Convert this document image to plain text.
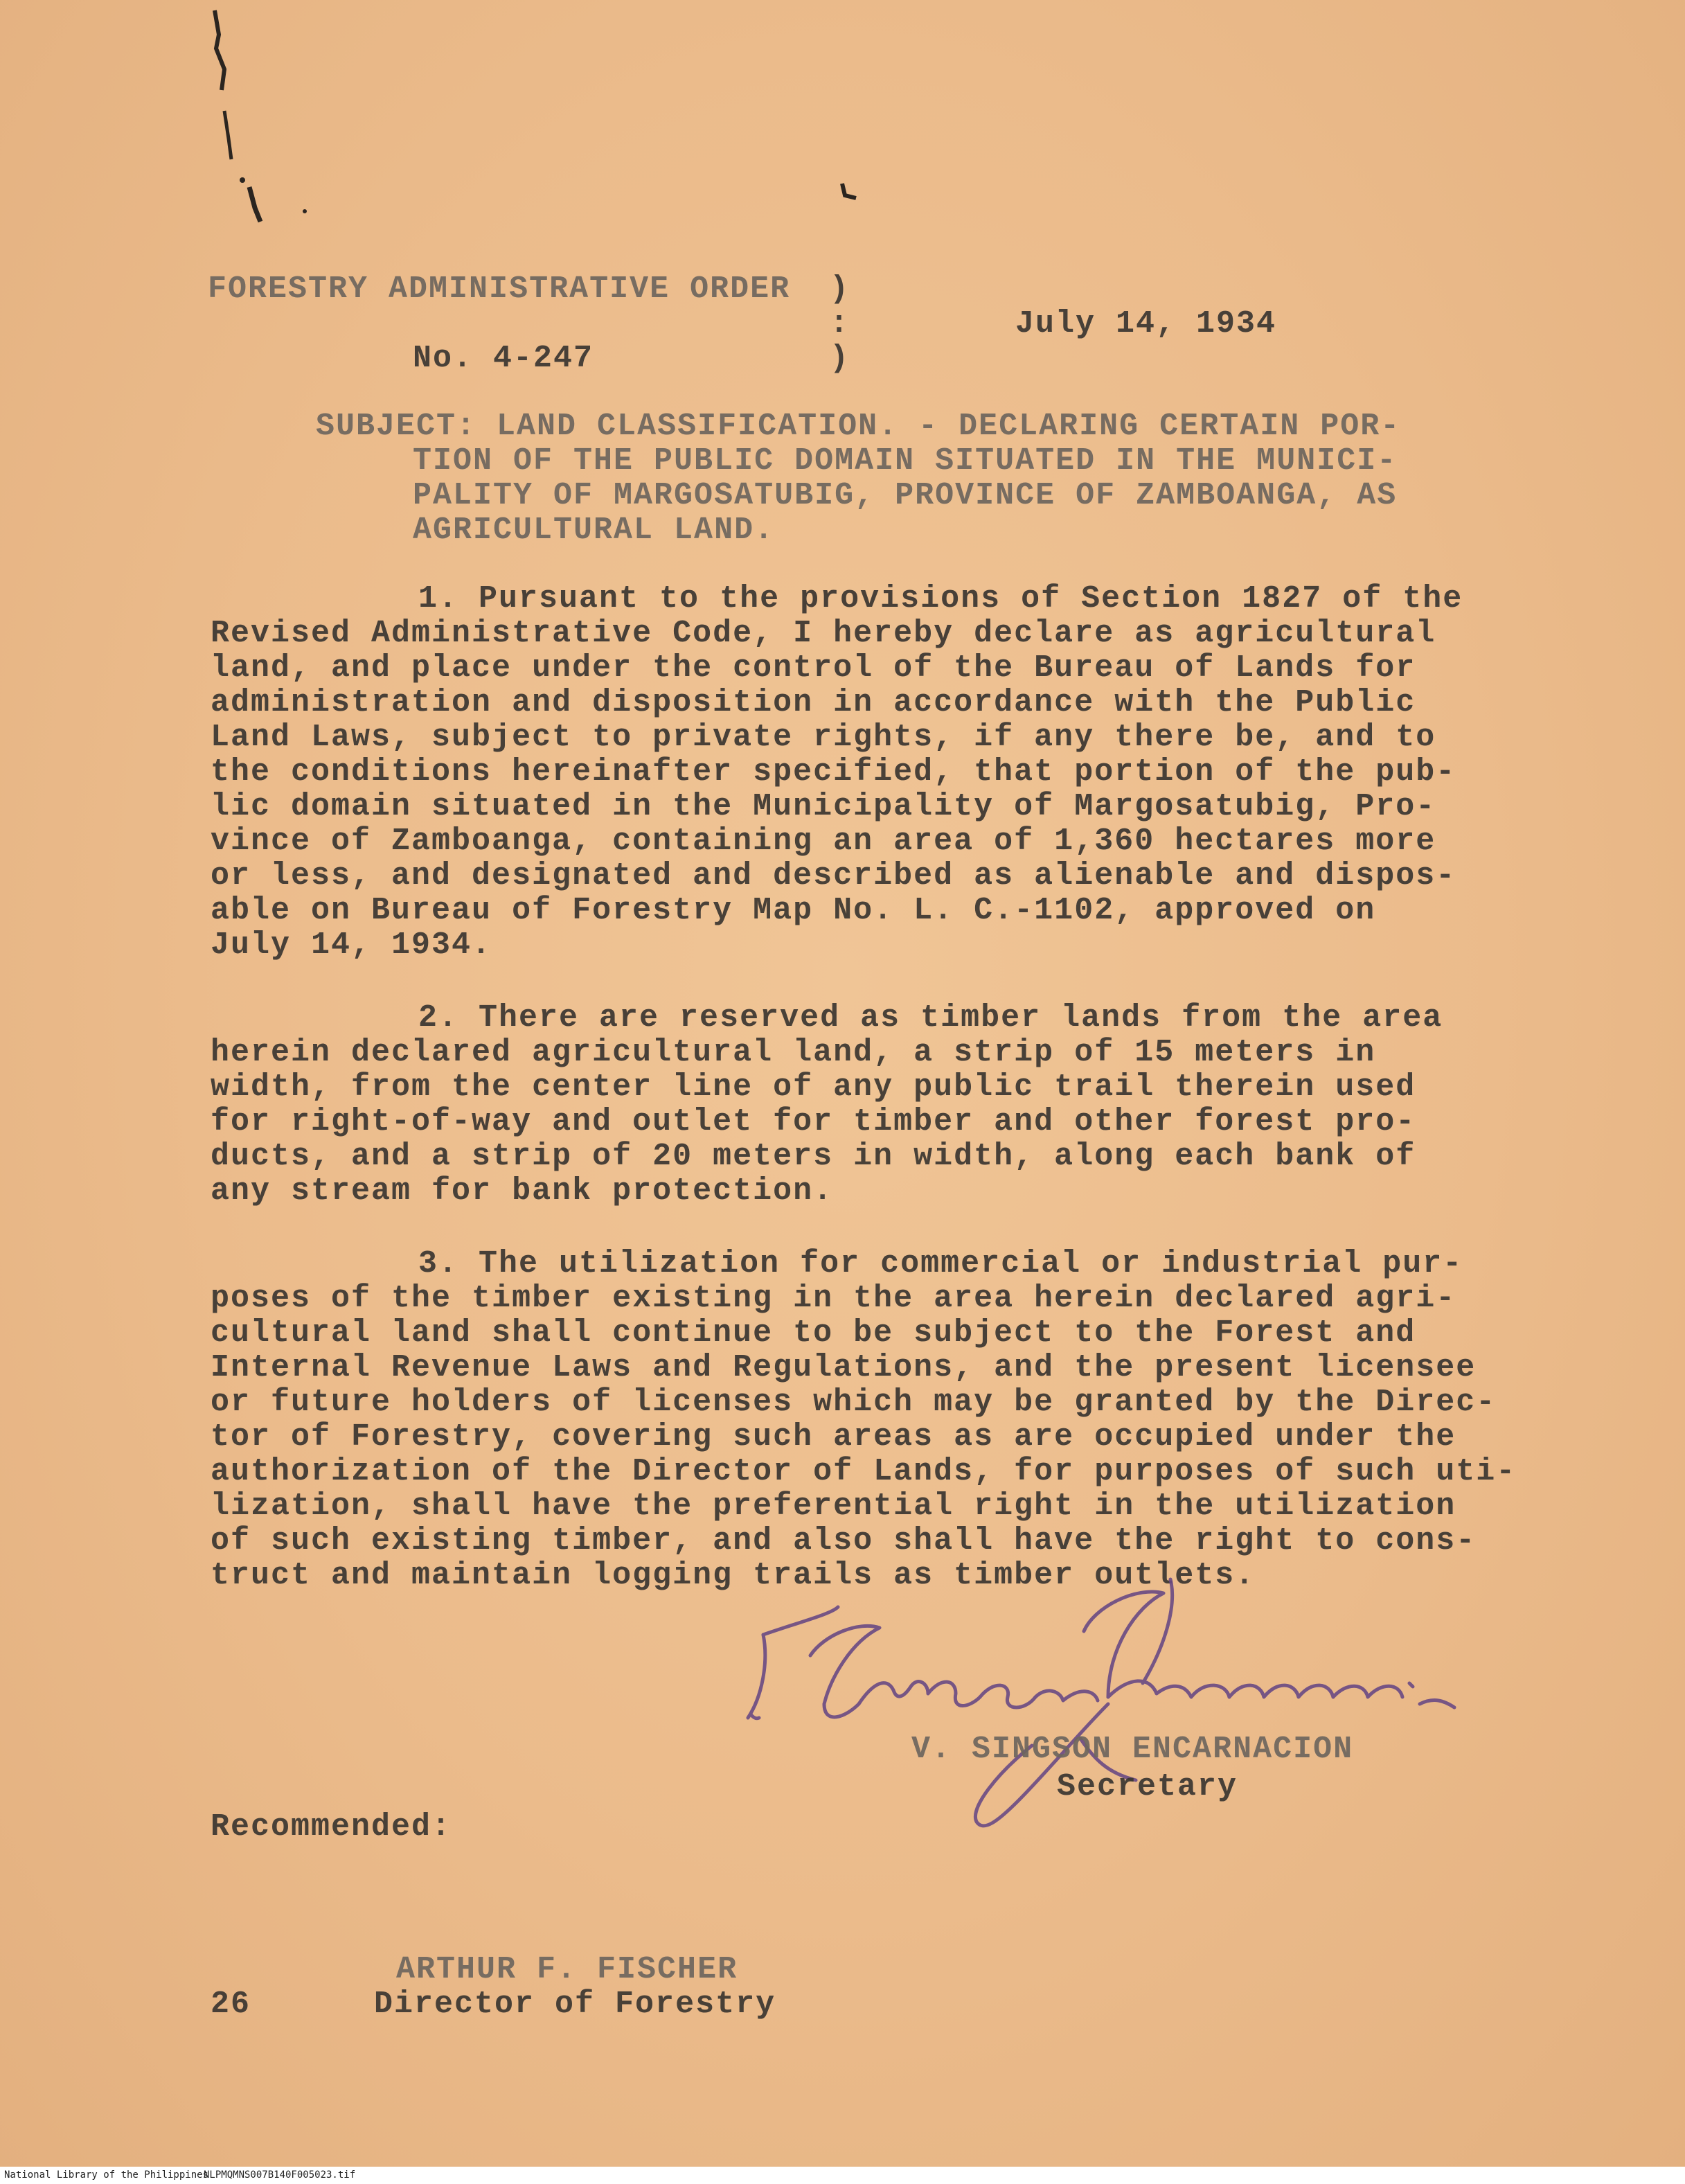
FORESTRY ADMINISTRATIVE ORDER
No. 4-247
)
:
)
July 14, 1934
SUBJECT: LAND CLASSIFICATION. - DECLARING CERTAIN POR-
TION OF THE PUBLIC DOMAIN SITUATED IN THE MUNICI-
PALITY OF MARGOSATUBIG, PROVINCE OF ZAMBOANGA, AS
AGRICULTURAL LAND.
1. Pursuant to the provisions of Section 1827 of the
Revised Administrative Code, I hereby declare as agricultural
land, and place under the control of the Bureau of Lands for
administration and disposition in accordance with the Public
Land Laws, subject to private rights, if any there be, and to
the conditions hereinafter specified, that portion of the pub-
lic domain situated in the Municipality of Margosatubig, Pro-
vince of Zamboanga, containing an area of 1,360 hectares more
or less, and designated and described as alienable and dispos-
able on Bureau of Forestry Map No. L. C.-1102, approved on
July 14, 1934.
2. There are reserved as timber lands from the area
herein declared agricultural land, a strip of 15 meters in
width, from the center line of any public trail therein used
for right-of-way and outlet for timber and other forest pro-
ducts, and a strip of 20 meters in width, along each bank of
any stream for bank protection.
3. The utilization for commercial or industrial pur-
poses of the timber existing in the area herein declared agri-
cultural land shall continue to be subject to the Forest and
Internal Revenue Laws and Regulations, and the present licensee
or future holders of licenses which may be granted by the Direc-
tor of Forestry, covering such areas as are occupied under the
authorization of the Director of Lands, for purposes of such uti-
lization, shall have the preferential right in the utilization
of such existing timber, and also shall have the right to cons-
truct and maintain logging trails as timber outlets.
V. SINGSON ENCARNACION
Secretary
Recommended:
ARTHUR F. FISCHER
26	Director of Forestry
National Library of the Philippines
NLPMQMNS007B140F005023.tif
